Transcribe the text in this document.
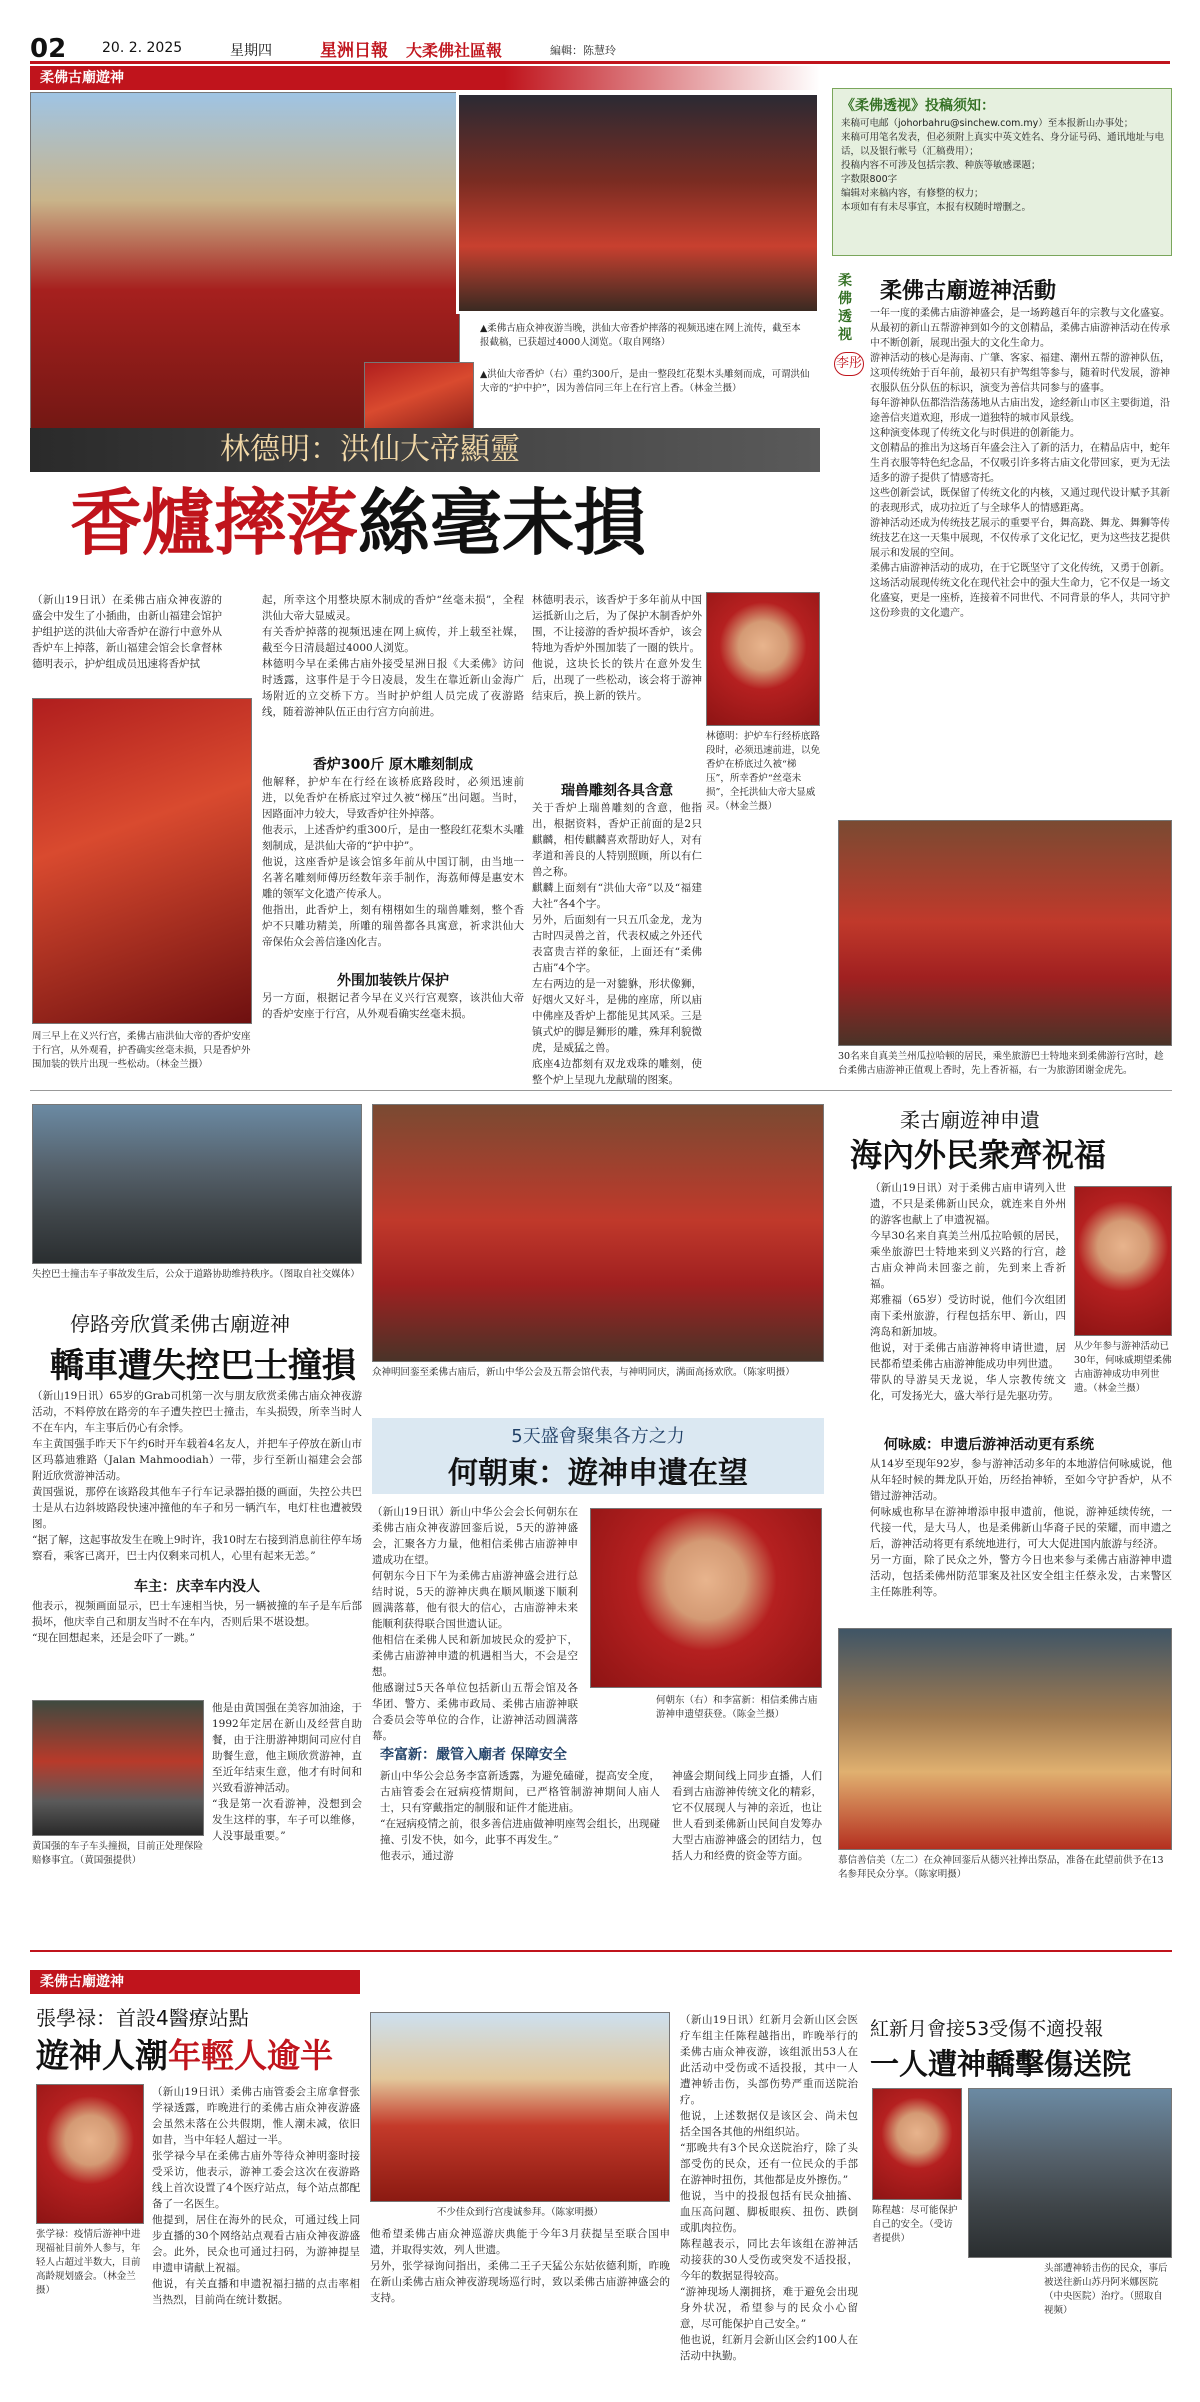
02	20. 2. 2025	星期四	星洲日報 大柔佛社區報	編輯：陈慧玲
柔佛古廟遊神
▲柔佛古庙众神夜游当晚，洪仙大帝香炉摔落的视频迅速在网上流传，截至本报截稿，已获超过4000人浏览。（取自网络）
▲洪仙大帝香炉（右）重约300斤，是由一整段红花梨木头雕刻而成，可谓洪仙大帝的“护中护”，因为善信同三年上在行宫上香。（林金兰摄）
林德明：洪仙大帝顯靈
香爐摔落絲毫未損
（新山19日讯）在柔佛古庙众神夜游的盛会中发生了小插曲，由新山福建会馆护护组护送的洪仙大帝香炉在游行中意外从香炉车上掉落，新山福建会馆会长拿督林德明表示，护炉组成员迅速将香炉拭
周三早上在义兴行宫，柔佛古庙洪仙大帝的香炉安座于行宫，从外观看，护香确实丝毫未损，只是香炉外围加装的铁片出现一些松动。（林金兰摄）
起，所幸这个用整块原木制成的香炉“丝毫未损”，全程洪仙大帝大显威灵。
有关香炉掉落的视频迅速在网上疯传，并上载至社媒，截至今日清晨超过4000人浏览。
林德明今早在柔佛古庙外接受星洲日报《大柔佛》访问时透露，这事件是于今日凌晨，发生在靠近新山金海广场附近的立交桥下方。当时护炉组人员完成了夜游路线，随着游神队伍正由行宫方向前进。
香炉300斤 原木雕刻制成
他解释，护炉车在行经在该桥底路段时，必须迅速前进，以免香炉在桥底过窄过久被“梯压”出问题。当时，因路面冲力较大，导致香炉往外掉落。
他表示，上述香炉约重300斤，是由一整段红花梨木头雕刻制成，是洪仙大帝的“护中护”。
他说，这座香炉是该会馆多年前从中国订制，由当地一名著名雕刻师傅历经数年亲手制作，海荔师傅是惠安木雕的领军文化遗产传承人。
他指出，此香炉上，刻有栩栩如生的瑞兽雕刻，整个香炉不只雕功精美，所雕的瑞兽都各具寓意，祈求洪仙大帝保佑众会善信逢凶化吉。
外围加装铁片保护
另一方面，根据记者今早在义兴行宫观察，该洪仙大帝的香炉安座于行宫，从外观看确实丝毫未损。
林德明表示，该香炉于多年前从中国运抵新山之后，为了保护木制香炉外围，不让接游的香炉损坏香炉，该会特地为香炉外围加装了一圈的铁片。
他说，这块长长的铁片在意外发生后，出现了一些松动，该会将于游神结束后，换上新的铁片。
林德明：护炉车行经桥底路段时，必须迅速前进，以免香炉在桥底过久被“梯压”，所幸香炉“丝毫未损”，全托洪仙大帝大显威灵。（林金兰摄）
瑞兽雕刻各具含意
关于香炉上瑞兽雕刻的含意，他指出，根据资料，香炉正前面的是2只麒麟，相传麒麟喜欢帮助好人，对有孝道和善良的人特别照顾，所以有仁兽之称。
麒麟上面刻有“洪仙大帝”以及“福建大社”各4个字。
另外，后面刻有一只五爪金龙，龙为古时四灵兽之首，代表权威之外还代表富贵吉祥的象征，上面还有“柔佛古庙”4个字。
左右两边的是一对貔貅，形状像狮，好烟火又好斗，是佛的座席，所以庙中佛座及香炉上都能见其风采。三是镇式炉的脚是狮形的雕，殊拜利貌微虎，是威猛之兽。
底座4边都刻有双龙戏珠的雕刻，使整个炉上呈现九龙献瑞的图案。
《柔佛透视》投稿须知：
来稿可电邮（johorbahru@sinchew.com.my）至本报新山办事处；
来稿可用笔名发表，但必须附上真实中英文姓名、身分证号码、通讯地址与电话，以及银行帐号（汇稿费用）；
投稿内容不可涉及包括宗教、种族等敏感课题；
字数限800字
编辑对来稿内容，有修整的权力；
本项如有有未尽事宜，本报有权随时增删之。
柔佛透视
李彤
柔佛古廟遊神活動
一年一度的柔佛古庙游神盛会，是一场跨越百年的宗教与文化盛宴。
从最初的新山五帮游神到如今的文创精品，柔佛古庙游神活动在传承中不断创新，展现出强大的文化生命力。
游神活动的核心是海南、广肇、客家、福建、潮州五帮的游神队伍，这项传统始于百年前，最初只有护驾组等参与，随着时代发展，游神衣服队伍分队伍的标识，演变为善信共同参与的盛事。
每年游神队伍都浩浩荡荡地从古庙出发，途经新山市区主要街道，沿途善信夹道欢迎，形成一道独特的城市风景线。
这种演变体现了传统文化与时俱进的创新能力。
文创精品的推出为这场百年盛会注入了新的活力，在精品店中，蛇年生肖衣服等特色纪念品，不仅吸引许多将古庙文化带回家，更为无法适多的游子提供了情感寄托。
这些创新尝试，既保留了传统文化的内核，又通过现代设计赋予其新的表现形式，成功拉近了与全球华人的情感距离。
游神活动还成为传统技艺展示的重要平台，舞高跷、舞龙、舞狮等传统技艺在这一天集中展现，不仅传承了文化记忆，更为这些技艺提供展示和发展的空间。
柔佛古庙游神活动的成功，在于它既坚守了文化传统，又勇于创新。
这场活动展现传统文化在现代社会中的强大生命力，它不仅是一场文化盛宴，更是一座桥，连接着不同世代、不同背景的华人，共同守护这份珍贵的文化遗产。
30名来自真美兰州瓜拉哈顿的居民，乘坐旅游巴士特地来到柔佛游行宫时，趁台柔佛古庙游神正值观上香时，先上香祈福，右一为旅游团谢金虎先。
失控巴士撞击车子事故发生后，公众于道路协助维持秩序。（图取自社交媒体）
停路旁欣賞柔佛古廟遊神
轎車遭失控巴士撞損
（新山19日讯）65岁的Grab司机第一次与朋友欣赏柔佛古庙众神夜游活动，不料停放在路旁的车子遭失控巴士撞击，车头损毁，所幸当时人不在车内，车主事后仍心有余悸。
车主黄国强手昨天下午约6时开车载着4名友人，并把车子停放在新山市区玛慕迪雅路（Jalan Mahmoodiah）一带，步行至新山福建会会部附近欣赏游神活动。
黄国强说，那停在该路段其他车子行车记录器拍摄的画面，失控公共巴士是从右边斜坡路段快速冲撞他的车子和另一辆汽车，电灯柱也遭被毁图。
“据了解，这起事故发生在晚上9时许，我10时左右接到消息前往停车场察看，乘客已离开，巴士内仅剩来司机人，心里有起来无恙。”
车主：庆幸车内没人
他表示，视频画面显示，巴士车速相当快，另一辆被撞的车子是车后部损坏，他庆幸自己和朋友当时不在车内，否则后果不堪设想。
“现在回想起来，还是会吓了一跳。”
他是由黄国强在美容加油途，于1992年定居在新山及经营自助餐，由于注册游神期间司应付自助餐生意，他主顾欣赏游神，直至近年结束生意，他才有时间和兴致看游神活动。
“我是第一次看游神，没想到会发生这样的事，车子可以维修，人没事最重要。”
黄国强的车子车头撞损，目前正处理保险赔修事宜。（黄国强提供）
众神明回銮至柔佛古庙后，新山中华公会及五帮会馆代表，与神明同庆，满面高扬欢欣。（陈家明摄）
5天盛會聚集各方之力
何朝東：遊神申遺在望
（新山19日讯）新山中华公会会长何朝东在柔佛古庙众神夜游回銮后说，5天的游神盛会，汇聚各方力量，他相信柔佛古庙游神申遗成功在望。
何朝东今日下午为柔佛古庙游神盛会进行总结时说，5天的游神庆典在顺风顺遂下顺利圆满落幕，他有很大的信心，古庙游神未来能顺利获得联合国世遗认证。
他相信在柔佛人民和新加坡民众的爱护下，柔佛古庙游神申遗的机遇相当大，不会是空想。
他感谢过5天各单位包括新山五帮会馆及各华团、警方、柔佛市政局、柔佛古庙游神联合委员会等单位的合作，让游神活动圆满落幕。
何朝东（右）和李富新：相信柔佛古庙游神申遗望获登。（陈金兰摄）
李富新：嚴管入廟者 保障安全
新山中华公会总务李富新透露，为避免磕碰，提高安全度，古庙管委会在冠病疫情期间，已严格管制游神期间人庙人士，只有穿戴指定的制服和证件才能进庙。
“在冠病疫情之前，很多善信进庙做神明座驾会组长，出现碰撞、引发不快，如今，此事不再发生。”
他表示，通过游
神盛会期间线上同步直播，人们看到古庙游神传统文化的精彩，它不仅展现人与神的亲近，也让世人看到柔佛新山民间自发筹办大型古庙游神盛会的团结力，包括人力和经费的资金等方面。
柔古廟遊神申遺
海內外民衆齊祝福
（新山19日讯）对于柔佛古庙申请列入世遗，不只是柔佛新山民众，就连来自外州的游客也献上了申遗祝福。
今早30名来自真美兰州瓜拉哈顿的居民，乘坐旅游巴士特地来到义兴路的行宫，趁古庙众神尚未回銮之前，先到来上香祈福。
郑雅福（65岁）受访时说，他们今次组团南下柔州旅游，行程包括东甲、新山，四湾岛和新加坡。
他说，对于柔佛古庙游神将申请世遗，居民都希望柔佛古庙游神能成功申列世遗。
带队的导游吴天龙说，华人宗教传统文化，可发扬光大，盛大举行是先驱功劳。
从少年参与游神活动已30年，何咏威期望柔佛古庙游神成功申列世遗。（林金兰摄）
何咏威：申遗后游神活动更有系统
从14岁至现年92岁，参与游神活动多年的本地游信何咏威说，他从年轻时候的舞龙队开始，历经抬神轿，至如今守护香炉，从不错过游神活动。
何咏威也称早在游神增添申报申遗前，他说，游神延续传统，一代接一代，是大马人，也是柔佛新山华裔子民的荣耀，而申遗之后，游神活动将更有系统地进行，可大大促进国内旅游与经济。
另一方面，除了民众之外，警方今日也来参与柔佛古庙游神申遗活动，包括柔佛州防范罪案及社区安全组主任蔡永发，古来警区主任陈胜利等。
慕信善信美（左二）在众神回銮后从德兴社捧出祭品，准备在此望前供予在13名参拜民众分享。（陈家明摄）
柔佛古廟遊神
張學禄：首設4醫療站點
遊神人潮年輕人逾半
张学禄：疫情后游神中进现福祉目前外人参与，年轻人占超过半数大，目前高龄规划盛会。（林金兰摄）
（新山19日讯）柔佛古庙管委会主席拿督张学禄透露，昨晚进行的柔佛古庙众神夜游盛会虽然未落在公共假期，惟人潮未减，依旧如昔，当中年轻人超过一半。
张学禄今早在柔佛古庙外等待众神明銮时接受采访，他表示，游神工委会这次在夜游路线上首次设置了4个医疗站点，每个站点都配备了一名医生。
他提到，居住在海外的民众，可通过线上同步直播的30个网络站点观看古庙众神夜游盛会。此外，民众也可通过扫码，为游神提呈申遗申请献上祝福。
他说，有关直播和申遗祝福扫描的点击率相当热烈，目前尚在统计数据。
不少佳众到行宫虔诚参拜。（陈家明摄）
他希望柔佛古庙众神巡游庆典能于今年3月获提呈至联合国申遗，并取得实效，列人世遗。
另外，张学禄询问指出，柔佛二王子天猛公东姑依德利斯，昨晚在新山柔佛古庙众神夜游现场巡行时，致以柔佛古庙游神盛会的支持。
（新山19日讯）红新月会新山区会医疗车组主任陈程越指出，昨晚举行的柔佛古庙众神夜游，该组派出53人在此活动中受伤或不适投报，其中一人遭神轿击伤，头部伤势严重而送院治疗。
他说，上述数据仅是该区会、尚未包括全国各其他的州组织站。
“那晚共有3个民众送院治疗，除了头部受伤的民众，还有一位民众的手部在游神时扭伤，其他都是皮外擦伤。”
他说，当中的投报包括有民众抽搐、血压高问题、脚板眼疾、扭伤、跌倒或肌肉拉伤。
陈程越表示，同比去年该组在游神活动接获的30人受伤或突发不适投报，今年的数据显得较高。
“游神现场人潮拥挤，难于避免会出现身外状况，希望参与的民众小心留意，尽可能保护自己安全。”
他也说，红新月会新山区会约100人在活动中执勤。
紅新月會接53受傷不適投報
一人遭神轎擊傷送院
陈程越：尽可能保护自己的安全。（受访者提供）
头部遭神轿击伤的民众，事后被送往新山苏丹阿米娜医院（中央医院）治疗。（照取自视频）
